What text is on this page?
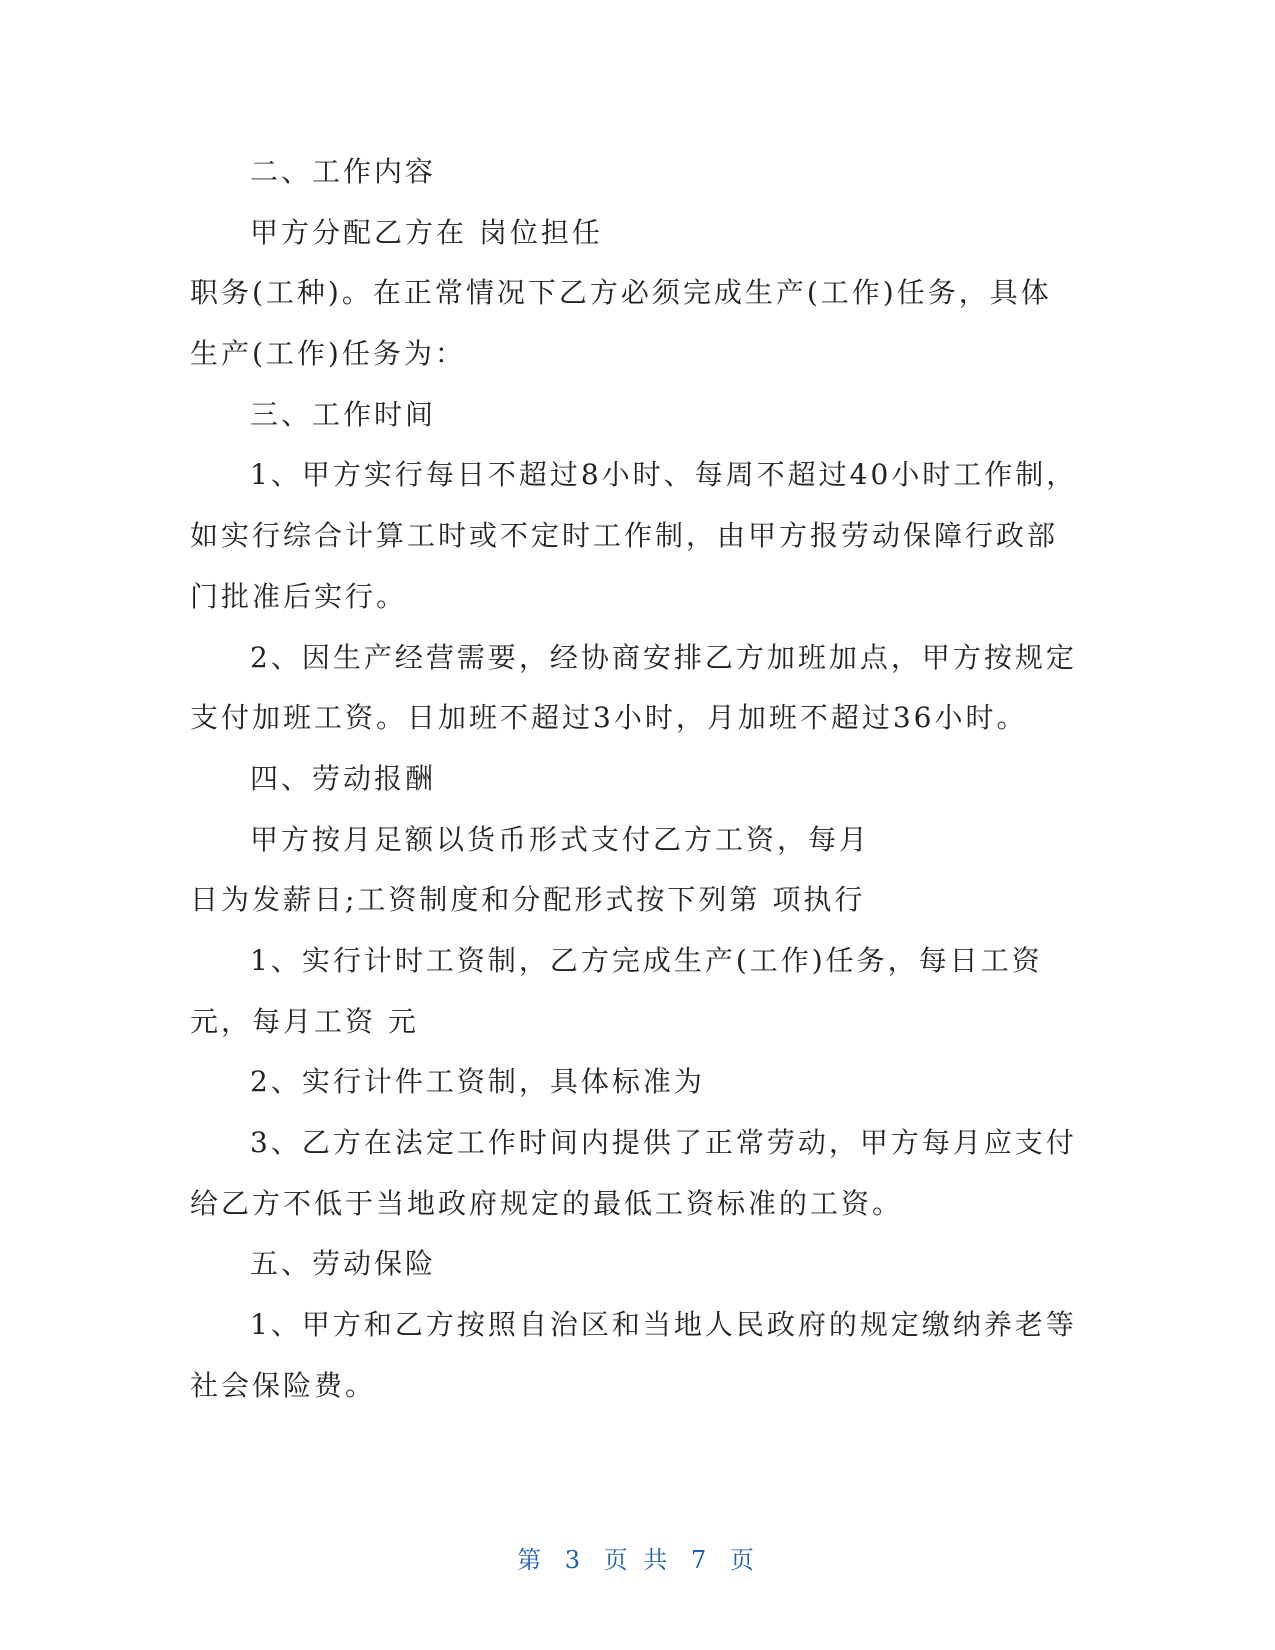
二、工作内容
甲方分配乙方在 岗位担任
职务(工种)。在正常情况下乙方必须完成生产(工作)任务，具体
生产(工作)任务为：
三、工作时间
1、甲方实行每日不超过8小时、每周不超过40小时工作制，
如实行综合计算工时或不定时工作制，由甲方报劳动保障行政部
门批准后实行。
2、因生产经营需要，经协商安排乙方加班加点，甲方按规定
支付加班工资。日加班不超过3小时，月加班不超过36小时。
四、劳动报酬
甲方按月足额以货币形式支付乙方工资，每月
日为发薪日;工资制度和分配形式按下列第 项执行
1、实行计时工资制，乙方完成生产(工作)任务，每日工资
元，每月工资 元
2、实行计件工资制，具体标准为
3、乙方在法定工作时间内提供了正常劳动，甲方每月应支付
给乙方不低于当地政府规定的最低工资标准的工资。
五、劳动保险
1、甲方和乙方按照自治区和当地人民政府的规定缴纳养老等
社会保险费。
第 3 页 共 7 页
